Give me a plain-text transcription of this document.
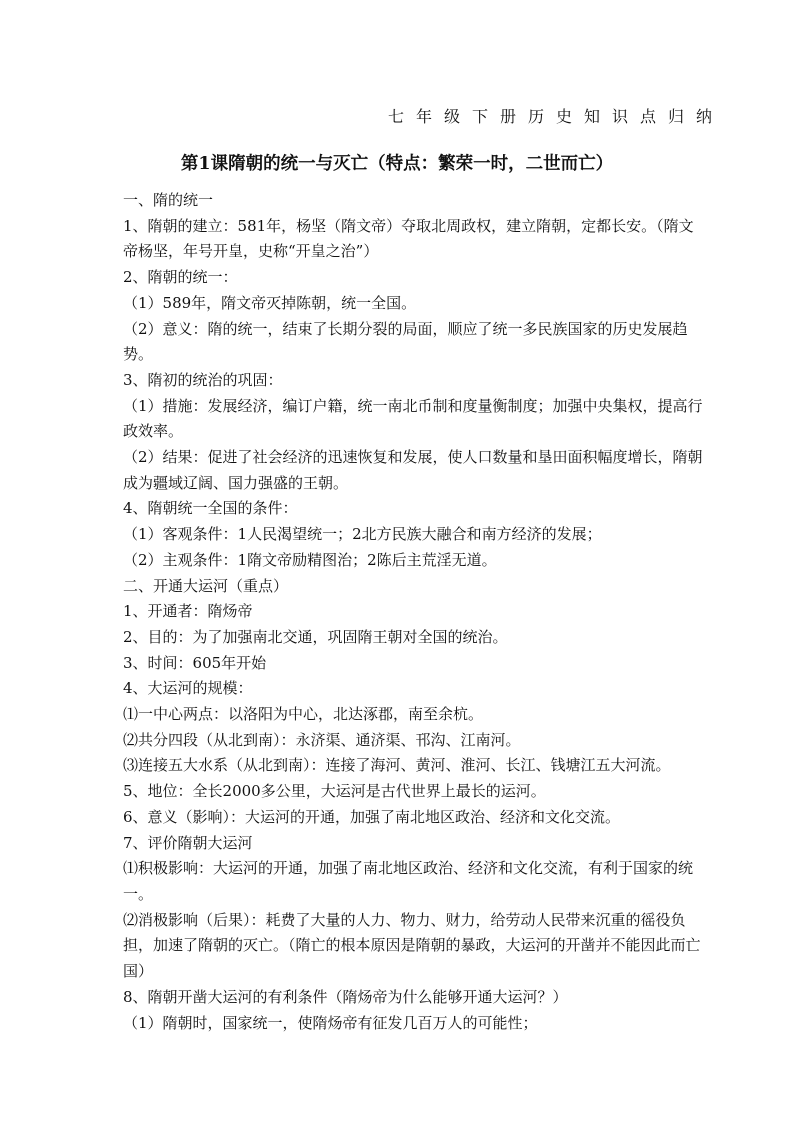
七年级下册历史知识点归纳
第1课隋朝的统一与灭亡（特点：繁荣一时，二世而亡）
一、隋的统一
1、隋朝的建立：581年，杨坚（隋文帝）夺取北周政权，建立隋朝，定都长安。（隋文帝杨坚，年号开皇，史称“开皇之治”）
2、隋朝的统一：
（1）589年，隋文帝灭掉陈朝，统一全国。
（2）意义：隋的统一，结束了长期分裂的局面，顺应了统一多民族国家的历史发展趋势。
3、隋初的统治的巩固：
（1）措施：发展经济，编订户籍，统一南北币制和度量衡制度；加强中央集权，提高行政效率。
（2）结果：促进了社会经济的迅速恢复和发展，使人口数量和垦田面积幅度增长，隋朝成为疆域辽阔、国力强盛的王朝。
4、隋朝统一全国的条件：
（1）客观条件：1人民渴望统一；2北方民族大融合和南方经济的发展；
（2）主观条件：1隋文帝励精图治；2陈后主荒淫无道。
二、开通大运河（重点）
1、开通者：隋炀帝
2、目的：为了加强南北交通，巩固隋王朝对全国的统治。
3、时间：605年开始
4、大运河的规模：
⑴一中心两点：以洛阳为中心，北达涿郡，南至余杭。
⑵共分四段（从北到南）：永济渠、通济渠、邗沟、江南河。
⑶连接五大水系（从北到南）：连接了海河、黄河、淮河、长江、钱塘江五大河流。
5、地位：全长2000多公里，大运河是古代世界上最长的运河。
6、意义（影响）：大运河的开通，加强了南北地区政治、经济和文化交流。
7、评价隋朝大运河
⑴积极影响：大运河的开通，加强了南北地区政治、经济和文化交流，有利于国家的统一。
⑵消极影响（后果）：耗费了大量的人力、物力、财力，给劳动人民带来沉重的徭役负担，加速了隋朝的灭亡。（隋亡的根本原因是隋朝的暴政，大运河的开凿并不能因此而亡国）
8、隋朝开凿大运河的有利条件（隋炀帝为什么能够开通大运河？）
（1）隋朝时，国家统一，使隋炀帝有征发几百万人的可能性；
